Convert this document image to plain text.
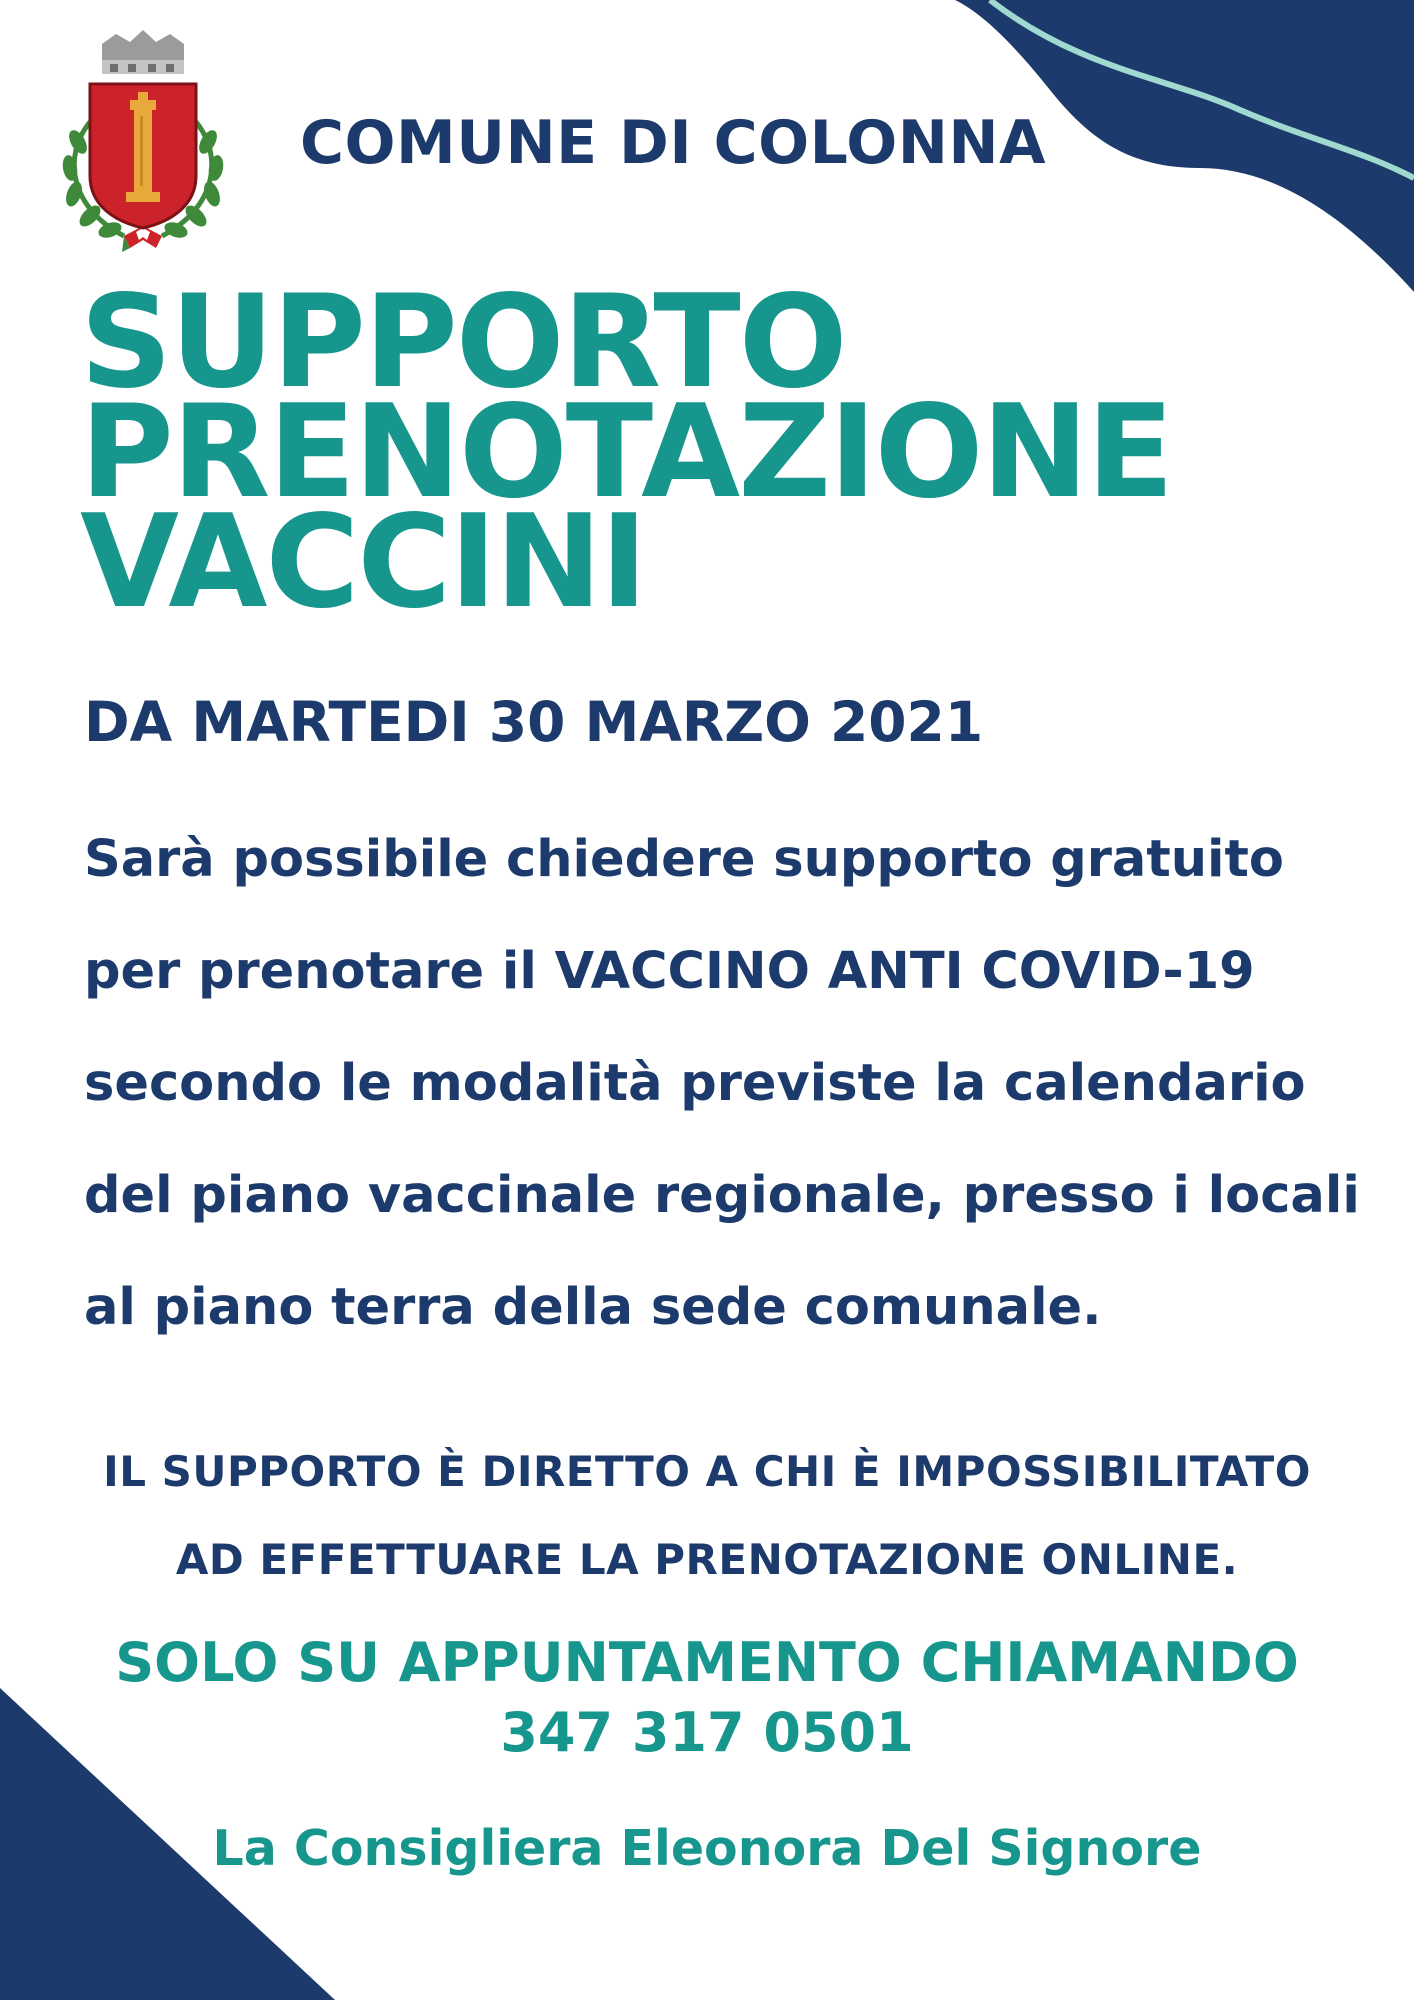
COMUNE DI COLONNA
SUPPORTO
PRENOTAZIONE
VACCINI

DA MARTEDI 30 MARZO 2021

Sarà possibile chiedere supporto gratuito
per prenotare il VACCINO ANTI COVID-19
secondo le modalità previste la calendario
del piano vaccinale regionale, presso i locali
al piano terra della sede comunale.

IL SUPPORTO È DIRETTO A CHI È IMPOSSIBILITATO
AD EFFETTUARE LA PRENOTAZIONE ONLINE.

SOLO SU APPUNTAMENTO CHIAMANDO
347 317 0501

La Consigliera Eleonora Del Signore
